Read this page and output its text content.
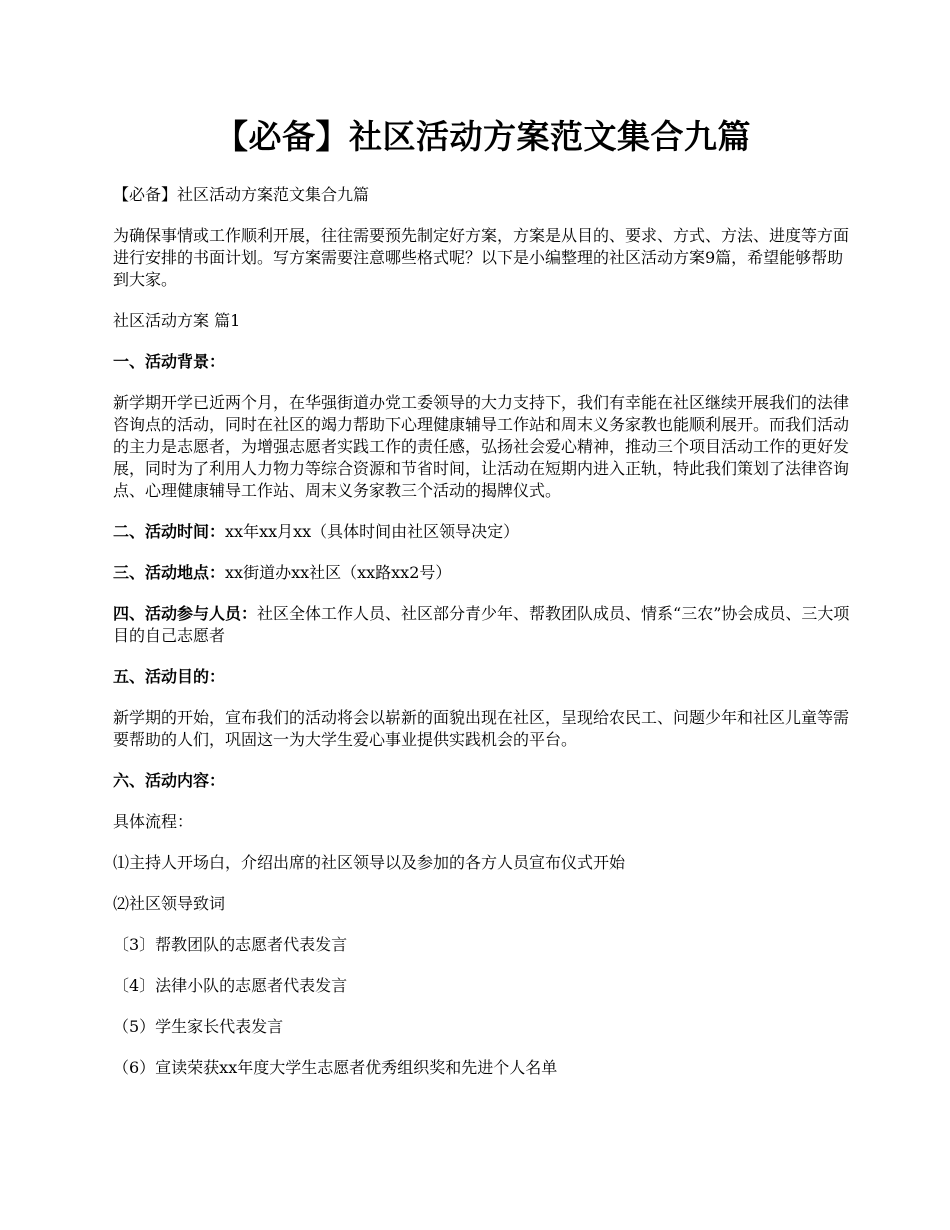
【必备】社区活动方案范文集合九篇
【必备】社区活动方案范文集合九篇
为确保事情或工作顺利开展，往往需要预先制定好方案，方案是从目的、要求、方式、方法、进度等方面进行安排的书面计划。写方案需要注意哪些格式呢？以下是小编整理的社区活动方案9篇，希望能够帮助到大家。
社区活动方案 篇1
一、活动背景：
新学期开学已近两个月，在华强街道办党工委领导的大力支持下，我们有幸能在社区继续开展我们的法律咨询点的活动，同时在社区的竭力帮助下心理健康辅导工作站和周末义务家教也能顺利展开。而我们活动的主力是志愿者，为增强志愿者实践工作的责任感，弘扬社会爱心精神，推动三个项目活动工作的更好发展，同时为了利用人力物力等综合资源和节省时间，让活动在短期内进入正轨，特此我们策划了法律咨询点、心理健康辅导工作站、周末义务家教三个活动的揭牌仪式。
二、活动时间：xx年xx月xx（具体时间由社区领导决定）
三、活动地点：xx街道办xx社区（xx路xx2号）
四、活动参与人员：社区全体工作人员、社区部分青少年、帮教团队成员、情系“三农”协会成员、三大项目的自己志愿者
五、活动目的：
新学期的开始，宣布我们的活动将会以崭新的面貌出现在社区，呈现给农民工、问题少年和社区儿童等需要帮助的人们，巩固这一为大学生爱心事业提供实践机会的平台。
六、活动内容：
具体流程：
⑴主持人开场白，介绍出席的社区领导以及参加的各方人员宣布仪式开始
⑵社区领导致词
〔3〕帮教团队的志愿者代表发言
〔4〕法律小队的志愿者代表发言
（5）学生家长代表发言
（6）宣读荣获xx年度大学生志愿者优秀组织奖和先进个人名单
